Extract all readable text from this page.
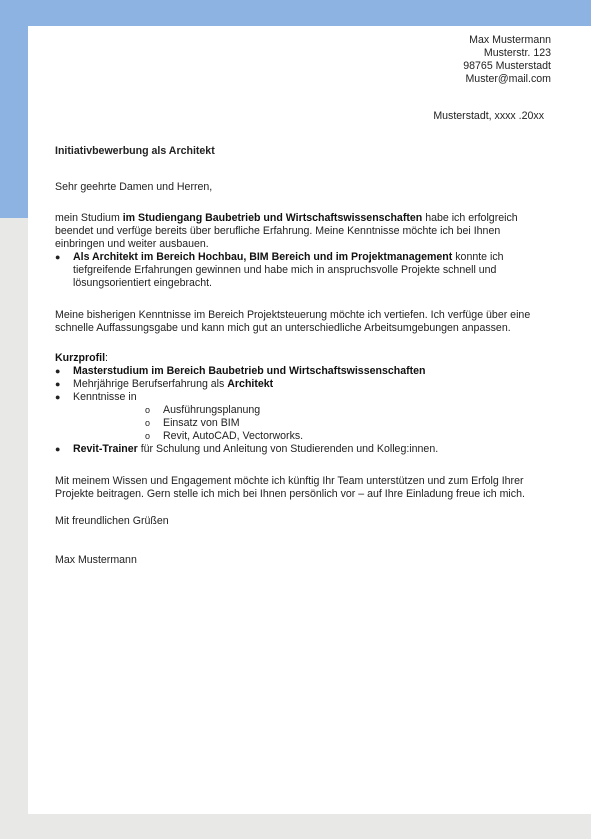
Max Mustermann
Musterstr. 123
98765 Musterstadt
Muster@mail.com
Musterstadt, xxxx .20xx

Initiativbewerbung als Architekt

Sehr geehrte Damen und Herren,

mein Studium im Studiengang Baubetrieb und Wirtschaftswissenschaften habe ich erfolgreich beendet und verfüge bereits über berufliche Erfahrung. Meine Kenntnisse möchte ich bei Ihnen einbringen und weiter ausbauen.

● Als Architekt im Bereich Hochbau, BIM Bereich und im Projektmanagement konnte ich tiefgreifende Erfahrungen gewinnen und habe mich in anspruchsvolle Projekte schnell und lösungsorientiert eingebracht.

Meine bisherigen Kenntnisse im Bereich Projektsteuerung möchte ich vertiefen. Ich verfüge über eine schnelle Auffassungsgabe und kann mich gut an unterschiedliche Arbeitsumgebungen anpassen.

Kurzprofil:

● Masterstudium im Bereich Baubetrieb und Wirtschaftswissenschaften
● Mehrjährige Berufserfahrung als Architekt
● Kenntnisse in
o Ausführungsplanung
o Einsatz von BIM
o Revit, AutoCAD, Vectorworks.
● Revit-Trainer für Schulung und Anleitung von Studierenden und Kolleg:innen.

Mit meinem Wissen und Engagement möchte ich künftig Ihr Team unterstützen und zum Erfolg Ihrer Projekte beitragen. Gern stelle ich mich bei Ihnen persönlich vor – auf Ihre Einladung freue ich mich.

Mit freundlichen Grüßen

Max Mustermann
